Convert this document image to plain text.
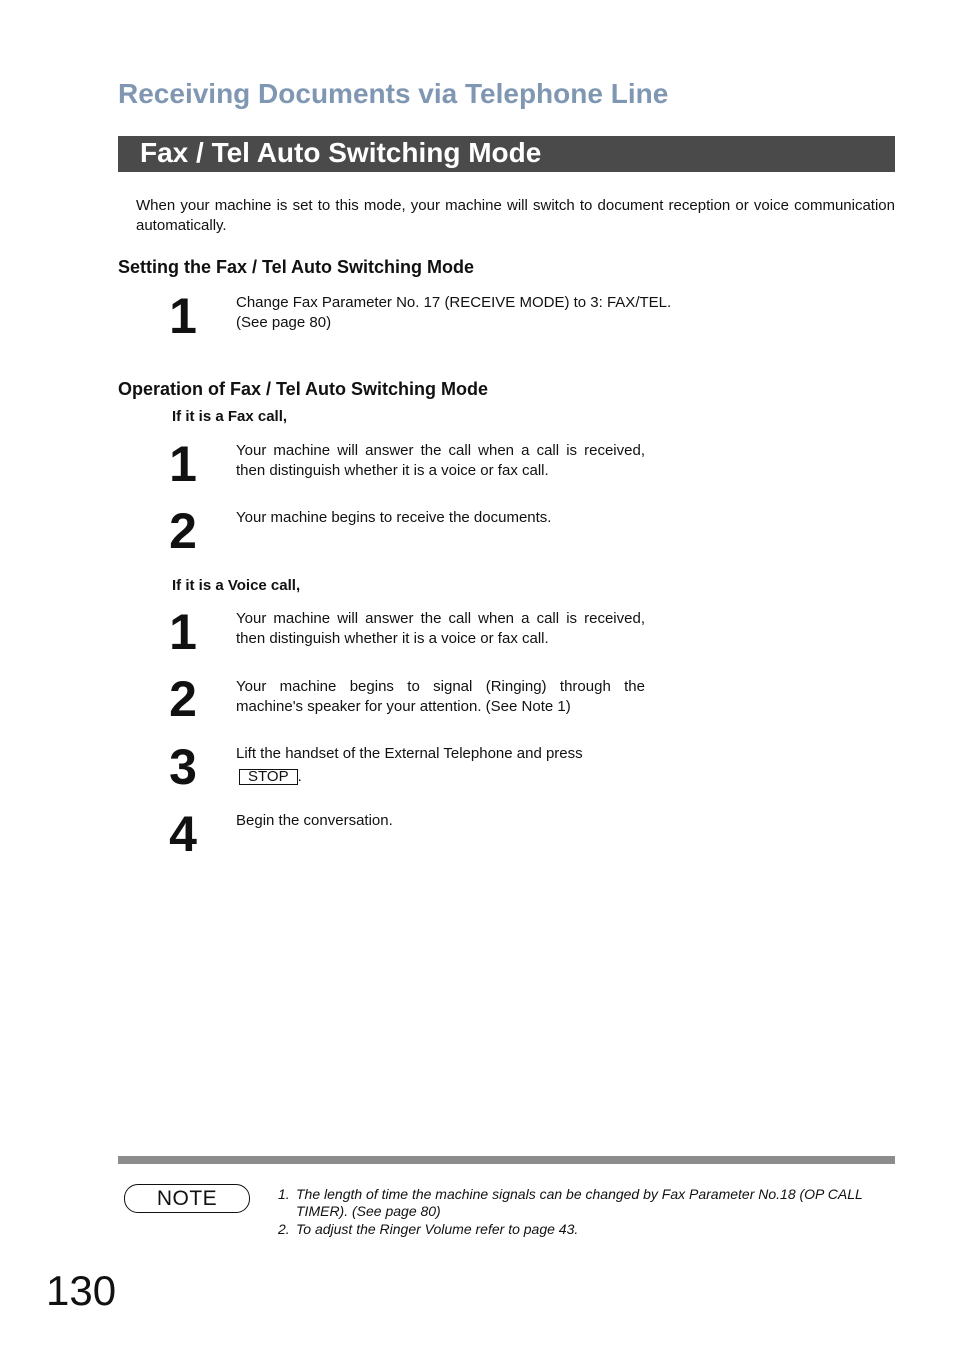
Receiving Documents via Telephone Line
Fax / Tel Auto Switching Mode
When your machine is set to this mode, your machine will switch to document reception or voice communication automatically.
Setting the Fax / Tel Auto Switching Mode
1	Change Fax Parameter No. 17 (RECEIVE MODE) to 3: FAX/TEL.
(See page 80)
Operation of Fax / Tel Auto Switching Mode
If it is a Fax call,
1	Your machine will answer the call when a call is received, then distinguish whether it is a voice or fax call.
2	Your machine begins to receive the documents.
If it is a Voice call,
1	Your machine will answer the call when a call is received, then distinguish whether it is a voice or fax call.
2	Your machine begins to signal (Ringing) through the machine's speaker for your attention. (See Note 1)
3	Lift the handset of the External Telephone and press
STOP .
4	Begin the conversation.
NOTE	1. The length of time the machine signals can be changed by Fax Parameter No.18 (OP CALL TIMER). (See page 80)
2. To adjust the Ringer Volume refer to page 43.
130
